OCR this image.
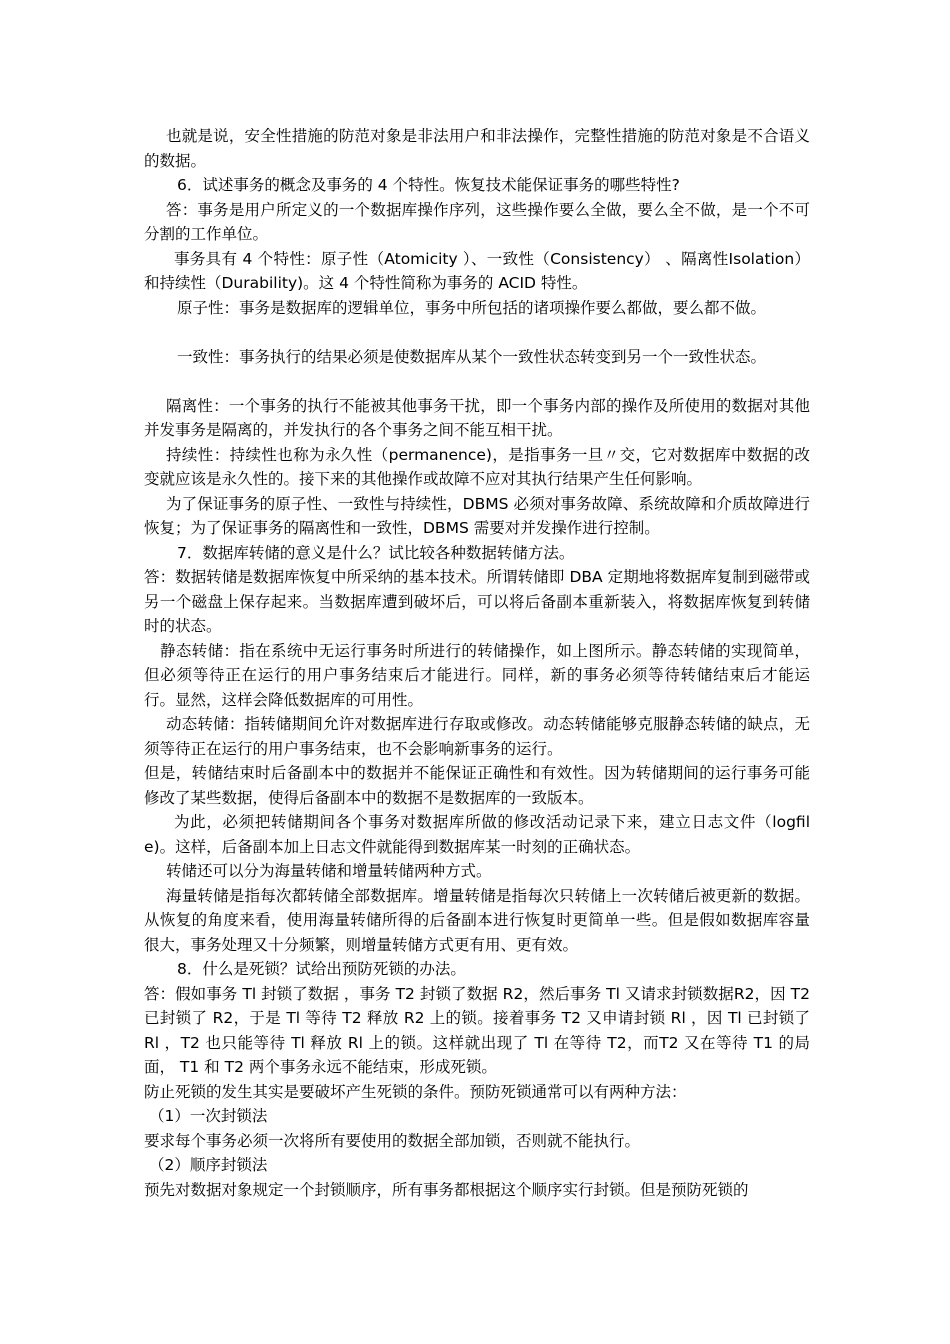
也就是说，安全性措施的防范对象是非法用户和非法操作，完整性措施的防范对象是不合语义的数据。

6．试述事务的概念及事务的 4 个特性。恢复技术能保证事务的哪些特性?

答：事务是用户所定义的一个数据库操作序列，这些操作要么全做，要么全不做，是一个不可分割的工作单位。

事务具有 4 个特性：原子性（Atomicity ）、一致性（Consistency） 、隔离性Isolation）和持续性（Durability)。这 4 个特性简称为事务的 ACID 特性。

原子性：事务是数据库的逻辑单位，事务中所包括的诸项操作要么都做，要么都不做。

一致性：事务执行的结果必须是使数据库从某个一致性状态转变到另一个一致性状态。

隔离性：一个事务的执行不能被其他事务干扰，即一个事务内部的操作及所使用的数据对其他并发事务是隔离的，并发执行的各个事务之间不能互相干扰。

持续性：持续性也称为永久性（permanence)，是指事务一旦〃交，它对数据库中数据的改变就应该是永久性的。接下来的其他操作或故障不应对其执行结果产生任何影响。

为了保证事务的原子性、一致性与持续性，DBMS 必须对事务故障、系统故障和介质故障进行恢复；为了保证事务的隔离性和一致性，DBMS 需要对并发操作进行控制。

7．数据库转储的意义是什么？试比较各种数据转储方法。

答：数据转储是数据库恢复中所采纳的基本技术。所谓转储即 DBA 定期地将数据库复制到磁带或另一个磁盘上保存起来。当数据库遭到破坏后，可以将后备副本重新装入，将数据库恢复到转储时的状态。

静态转储：指在系统中无运行事务时所进行的转储操作，如上图所示。静态转储的实现简单，但必须等待正在运行的用户事务结束后才能进行。同样，新的事务必须等待转储结束后才能运行。显然，这样会降低数据库的可用性。

动态转储：指转储期间允许对数据库进行存取或修改。动态转储能够克服静态转储的缺点，无须等待正在运行的用户事务结束，也不会影响新事务的运行。

但是，转储结束时后备副本中的数据并不能保证正确性和有效性。因为转储期间的运行事务可能修改了某些数据，使得后备副本中的数据不是数据库的一致版本。

为此，必须把转储期间各个事务对数据库所做的修改活动记录下来，建立日志文件（logfile)。这样，后备副本加上日志文件就能得到数据库某一时刻的正确状态。

转储还可以分为海量转储和增量转储两种方式。

海量转储是指每次都转储全部数据库。增量转储是指每次只转储上一次转储后被更新的数据。从恢复的角度来看，使用海量转储所得的后备副本进行恢复时更简单一些。但是假如数据库容量很大，事务处理又十分频繁，则增量转储方式更有用、更有效。

8．什么是死锁？试给出预防死锁的办法。

答：假如事务 Tl 封锁了数据 ，事务 T2 封锁了数据 R2，然后事务 Tl 又请求封锁数据R2，因 T2 已封锁了 R2，于是 Tl 等待 T2 释放 R2 上的锁。接着事务 T2 又申请封锁 Rl ，因 Tl 已封锁了 Rl ，T2 也只能等待 Tl 释放 Rl 上的锁。这样就出现了 Tl 在等待 T2，而T2 又在等待 T1 的局面， T1 和 T2 两个事务永远不能结束，形成死锁。

防止死锁的发生其实是要破坏产生死锁的条件。预防死锁通常可以有两种方法：

（1）一次封锁法

要求每个事务必须一次将所有要使用的数据全部加锁，否则就不能执行。

（2）顺序封锁法

预先对数据对象规定一个封锁顺序，所有事务都根据这个顺序实行封锁。但是预防死锁的
